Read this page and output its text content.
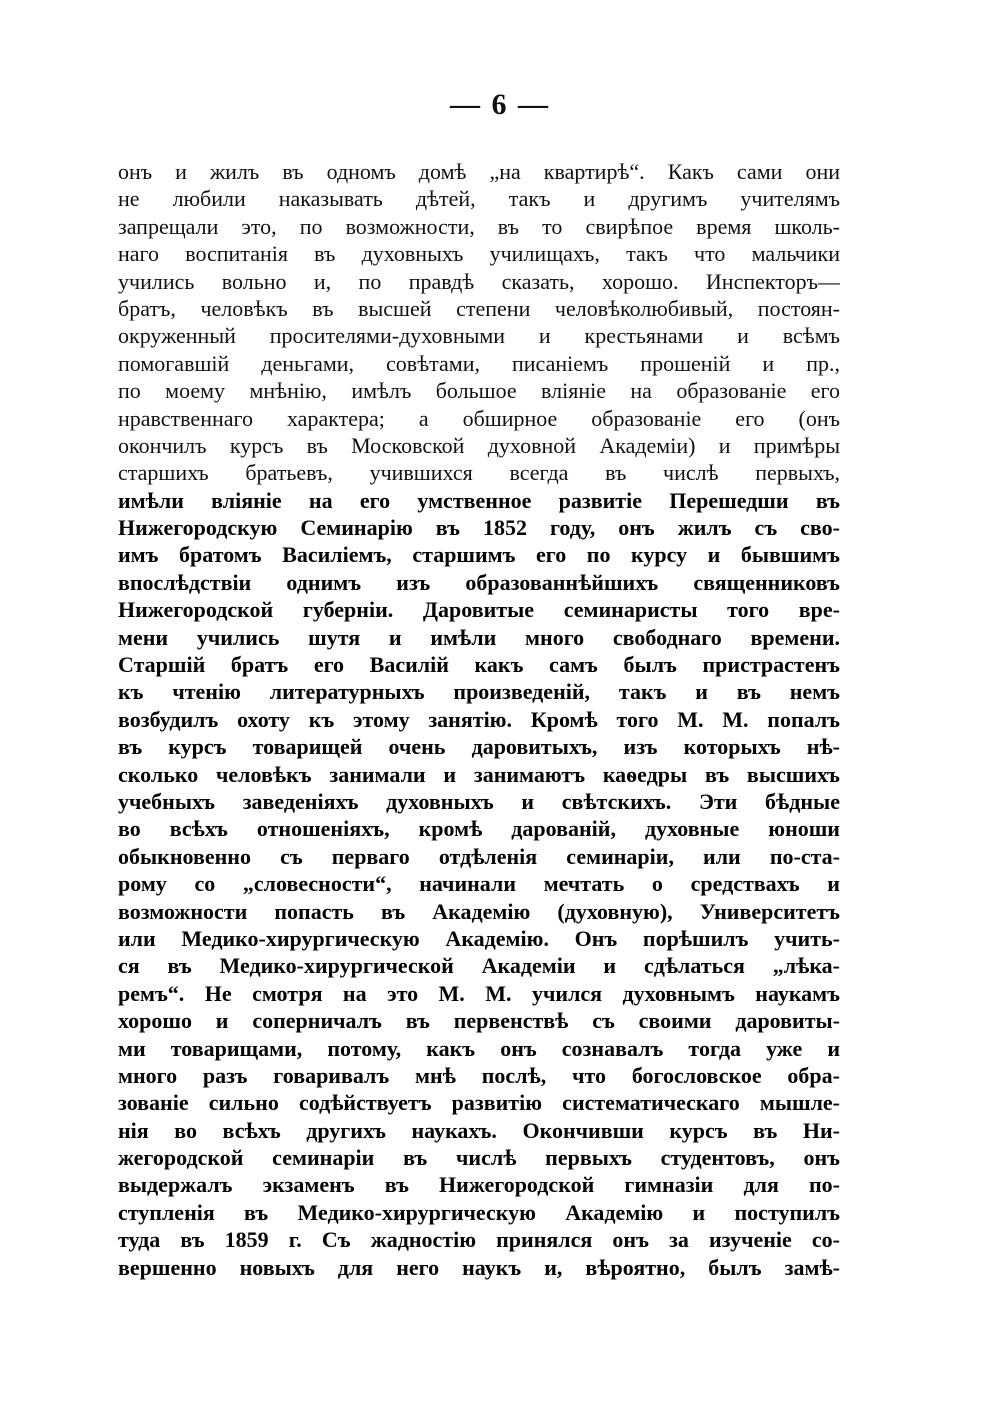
— 6 —
онъ и жилъ въ одномъ домѣ „на квартирѣ“. Какъ сами они
не любили наказывать дѣтей, такъ и другимъ учителямъ
запрещали это, по возможности, въ то свирѣпое время школь-
наго воспитанія въ духовныхъ училищахъ, такъ что мальчики
учились вольно и, по правдѣ сказать, хорошо. Инспекторъ—
братъ, человѣкъ въ высшей степени человѣколюбивый, постоян-
окруженный просителями-духовными и крестьянами и всѣмъ
помогавшій деньгами, совѣтами, писаніемъ прошеній и пр.,
по моему мнѣнію, имѣлъ большое вліяніе на образованіе его
нравственнаго характера; а обширное образованіе его (онъ
окончилъ курсъ въ Московской духовной Академіи) и примѣры
старшихъ братьевъ, учившихся всегда въ числѣ первыхъ,
имѣли вліяніе на его умственное развитіе Перешедши въ
Нижегородскую Семинарію въ 1852 году, онъ жилъ съ сво-
имъ братомъ Василіемъ, старшимъ его по курсу и бывшимъ
впослѣдствіи однимъ изъ образованнѣйшихъ священниковъ
Нижегородской губерніи. Даровитые семинаристы того вре-
мени учились шутя и имѣли много свободнаго времени.
Старшій братъ его Василій какъ самъ былъ пристрастенъ
къ чтенію литературныхъ произведеній, такъ и въ немъ
возбудилъ охоту къ этому занятію. Кромѣ того М. М. попалъ
въ курсъ товарищей очень даровитыхъ, изъ которыхъ нѣ-
сколько человѣкъ занимали и занимаютъ каѳедры въ высшихъ
учебныхъ заведеніяхъ духовныхъ и свѣтскихъ. Эти бѣдные
во всѣхъ отношеніяхъ, кромѣ дарованій, духовные юноши
обыкновенно съ перваго отдѣленія семинаріи, или по-ста-
рому со „словесности“, начинали мечтать о средствахъ и
возможности попасть въ Академію (духовную), Университетъ
или Медико-хирургическую Академію. Онъ порѣшилъ учить-
ся въ Медико-хирургической Академіи и сдѣлаться „лѣка-
ремъ“. Не смотря на это М. М. учился духовнымъ наукамъ
хорошо и соперничалъ въ первенствѣ съ своими даровиты-
ми товарищами, потому, какъ онъ сознавалъ тогда уже и
много разъ говаривалъ мнѣ послѣ, что богословское обра-
зованіе сильно содѣйствуетъ развитію систематическаго мышле-
нія во всѣхъ другихъ наукахъ. Окончивши курсъ въ Ни-
жегородской семинаріи въ числѣ первыхъ студентовъ, онъ
выдержалъ экзаменъ въ Нижегородской гимназіи для по-
ступленія въ Медико-хирургическую Академію и поступилъ
туда въ 1859 г. Съ жадностію принялся онъ за изученіе со-
вершенно новыхъ для него наукъ и, вѣроятно, былъ замѣ-
